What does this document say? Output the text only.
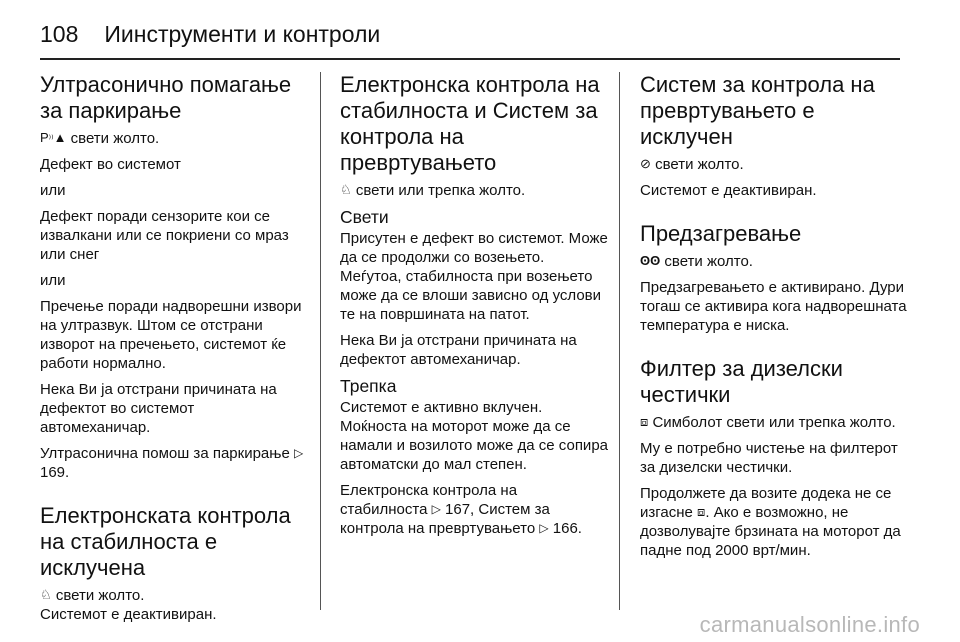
108 Иинструменти и контроли
Ултрасонично помагање за паркирање

P⁾⁾▲ свети жолто.

Дефект во системот

или

Дефект поради сензорите кои се извалкани или се покриени со мраз или снег

или

Пречење поради надворешни извори на ултразвук. Штом се отстрани изворот на пречењето, системот ќе работи нормално.

Нека Ви ја отстрани причината на дефектот во системот автомеханичар.

Ултрасонична помош за паркирање ▷ 169.

Електронската контрола на стабилноста е исклучена

♘ свети жолто.

Системот е деактивиран.

Електронска контрола на стабилноста и Систем за контрола на превртувањето

♘ свети или трепка жолто.

Свети

Присутен е дефект во системот. Може да се продолжи со возењето. Меѓутоа, стабилноста при возењето може да се влоши зависно од услови те на површината на патот.

Нека Ви ја отстрани причината на дефектот автомеханичар.

Трепка

Системот е активно вклучен. Моќноста на моторот може да се намали и возилото може да се сопира автоматски до мал степен.

Електронска контрола на стабилноста ▷ 167, Систем за контрола на превртувањето ▷ 166.

Систем за контрола на превртувањето е исклучен

⊘ свети жолто.

Системот е деактивиран.

Предзагревање

ʘʘ свети жолто.

Предзагревањето е активирано. Дури тогаш се активира кога надворешната температура е ниска.

Филтер за дизелски честички

⧈ Симболот свети или трепка жолто.

Му е потребно чистење на филтерот за дизелски честички.

Продолжете да возите додека не се изгасне ⧈. Ако е возможно, не дозволувајте брзината на моторот да падне под 2000 врт/мин.

carmanualsonline.info
